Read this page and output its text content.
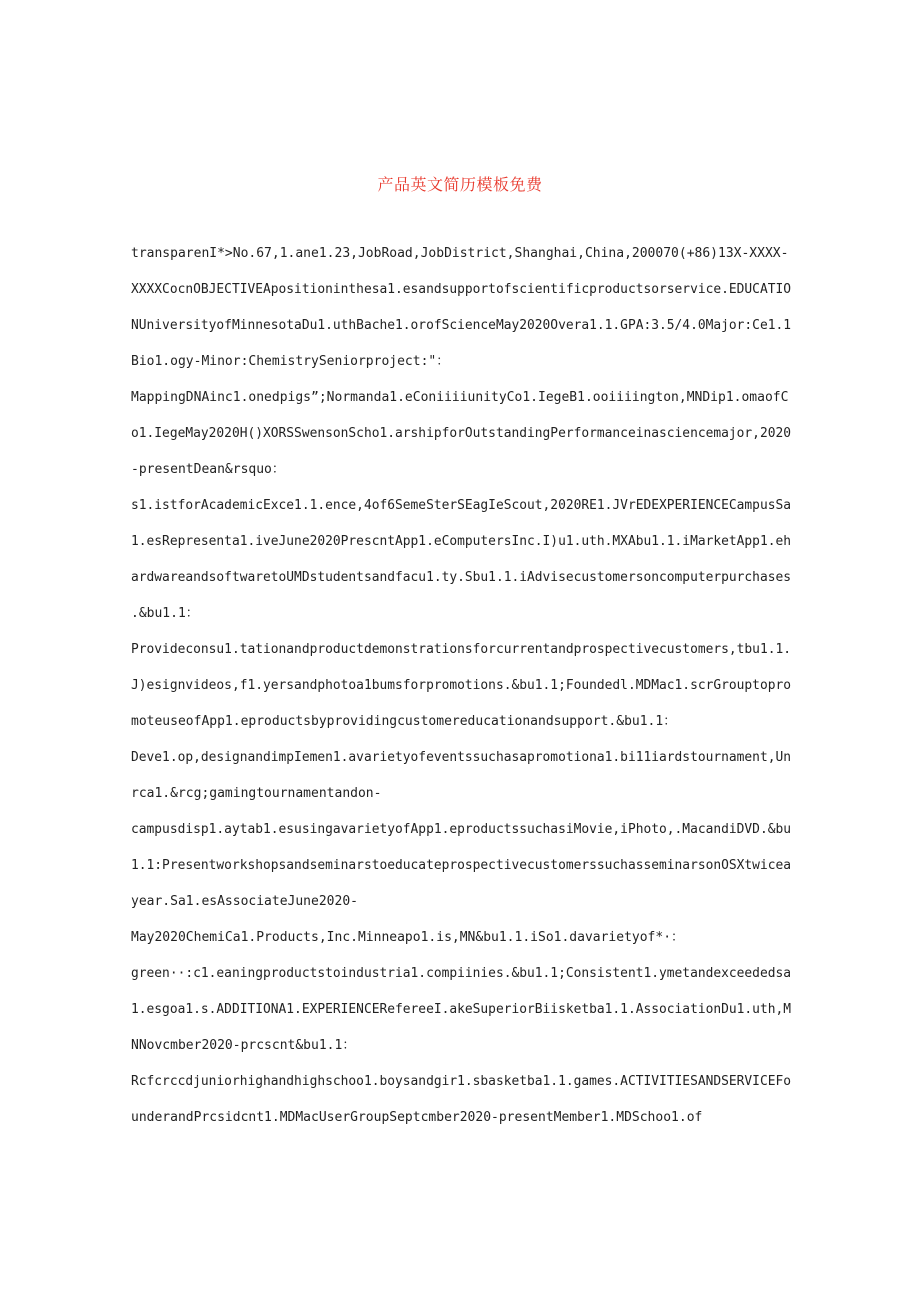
产品英文简历模板免费
transparenI*>No.67,1.ane1.23,JobRoad,JobDistrict,Shanghai,China,200070(+86)13X-XXXX-
XXXXCocnOBJECTIVEApositioninthesa1.esandsupportofscientificproductsorservice.EDUCATIO
NUniversityofMinnesotaDu1.uthBache1.orofScienceMay2020Overa1.1.GPA:3.5/4.0Major:Ce1.1
Bio1.ogy-Minor:ChemistrySeniorproject:"：
MappingDNAinc1.onedpigs”;Normanda1.eConiiiiunityCo1.IegeB1.ooiiiington,MNDip1.omaofC
o1.IegeMay2020H()XORSSwensonScho1.arshipforOutstandingPerformanceinasciencemajor,2020
-presentDean&rsquo：
s1.istforAcademicExce1.1.ence,4of6SemeSterSEagIeScout,2020RE1.JVrEDEXPERIENCECampusSa
1.esRepresenta1.iveJune2020PrescntApp1.eComputersInc.I)u1.uth.MXAbu1.1.iMarketApp1.eh
ardwareandsoftwaretoUMDstudentsandfacu1.ty.Sbu1.1.iAdvisecustomersoncomputerpurchases
.&bu1.1：
Provideconsu1.tationandproductdemonstrationsforcurrentandprospectivecustomers,tbu1.1.
J)esignvideos,f1.yersandphotoa1bumsforpromotions.&bu1.1;Foundedl.MDMac1.scrGrouptopro
moteuseofApp1.eproductsbyprovidingcustomereducationandsupport.&bu1.1：
Deve1.op,designandimpIemen1.avarietyofeventssuchasapromotiona1.bi11iardstournament,Un
rca1.&rcg;gamingtournamentandon-
campusdisp1.aytab1.esusingavarietyofApp1.eproductssuchasiMovie,iPhoto,.MacandiDVD.&bu
1.1:PresentworkshopsandseminarstoeducateprospectivecustomerssuchasseminarsonOSXtwicea
year.Sa1.esAssociateJune2020-
May2020ChemiCa1.Products,Inc.Minneapo1.is,MN&bu1.1.iSo1.davarietyof*·：
green··:c1.eaningproductstoindustria1.compiinies.&bu1.1;Consistent1.ymetandexceededsa
1.esgoa1.s.ADDITIONA1.EXPERIENCERefereeI.akeSuperiorBiisketba1.1.AssociationDu1.uth,M
NNovcmber2020-prcscnt&bu1.1：
Rcfcrccdjuniorhighandhighschoo1.boysandgir1.sbasketba1.1.games.ACTIVITIESANDSERVICEFo
underandPrcsidcnt1.MDMacUserGroupSeptcmber2020-presentMember1.MDSchoo1.of
